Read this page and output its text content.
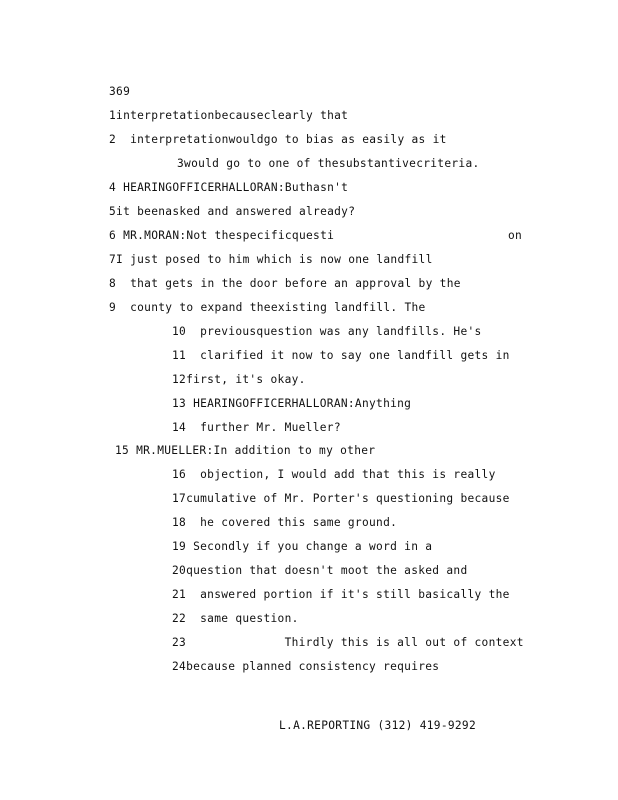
369
1interpretationbecauseclearly that
2  interpretationwouldgo to bias as easily as it
3would go to one of thesubstantivecriteria.
4 HEARINGOFFICERHALLORAN:Buthasn't
5it beenasked and answered already?
6 MR.MORAN:Not thespecificquesti	on
7I just posed to him which is now one landfill
8  that gets in the door before an approval by the
9  county to expand theexisting landfill. The
10  previousquestion was any landfills. He's
11  clarified it now to say one landfill gets in
12first, it's okay.
13 HEARINGOFFICERHALLORAN:Anything
14  further Mr. Mueller?
15 MR.MUELLER:In addition to my other
16  objection, I would add that this is really
17cumulative of Mr. Porter's questioning because
18  he covered this same ground.
19 Secondly if you change a word in a
20question that doesn't moot the asked and
21  answered portion if it's still basically the
22  same question.
23              Thirdly this is all out of context
24because planned consistency requires
L.A.REPORTING (312) 419-9292
